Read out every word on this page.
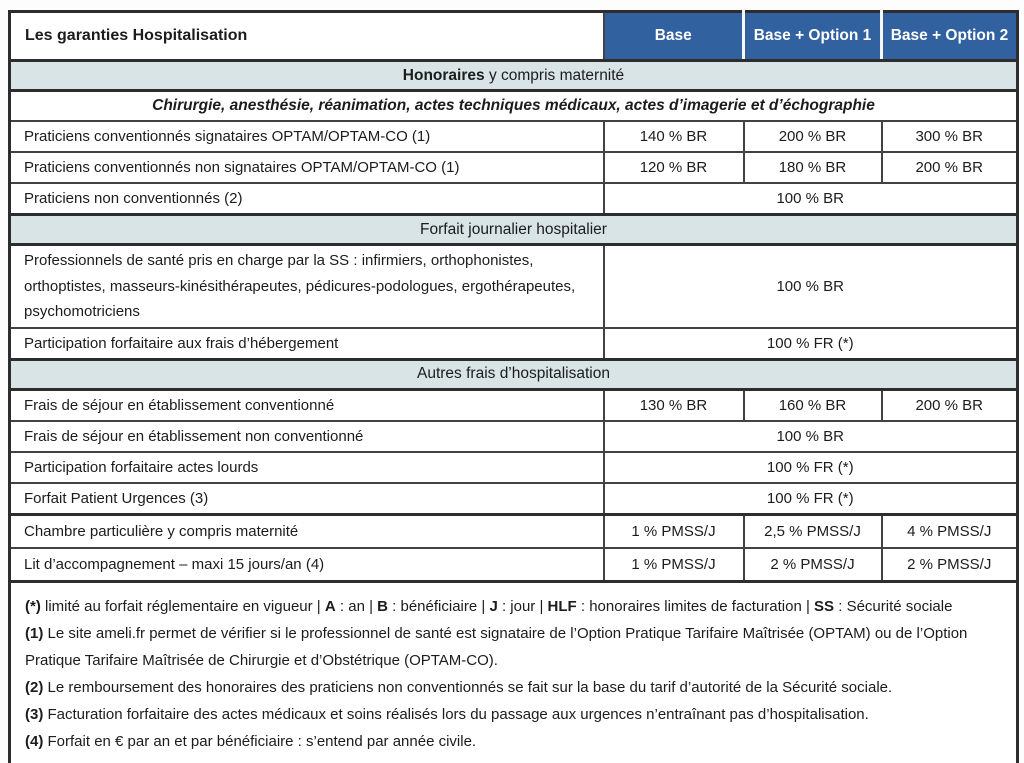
Les garanties Hospitalisation	Base	Base + Option 1	Base + Option 2
Honoraires y compris maternité			
Chirurgie, anesthésie, réanimation, actes techniques médicaux, actes d’imagerie et d’échographie			
Praticiens conventionnés signataires OPTAM/OPTAM-CO (1)	140 % BR	200 % BR	300 % BR
Praticiens conventionnés non signataires OPTAM/OPTAM-CO (1)	120 % BR	180 % BR	200 % BR
Praticiens non conventionnés (2)	100 % BR		
Forfait journalier hospitalier			

Professionnels de santé pris en charge par la SS : infirmiers, orthophonistes, orthoptistes, masseurs-kinésithérapeutes, pédicures-podologues, ergothérapeutes, psychomotriciens	100 % BR		
Participation forfaitaire aux frais d’hébergement	100 % FR (*)		
Autres frais d’hospitalisation			
Frais de séjour en établissement conventionné	130 % BR	160 % BR	200 % BR
Frais de séjour en établissement non conventionné	100 % BR		
Participation forfaitaire actes lourds	100 % FR (*)		
Forfait Patient Urgences (3)	100 % FR (*)		
Chambre particulière y compris maternité	1 % PMSS/J	2,5 % PMSS/J	4 % PMSS/J
Lit d’accompagnement – maxi 15 jours/an (4)	1 % PMSS/J	2 % PMSS/J	2 % PMSS/J

(*) limité au forfait réglementaire en vigueur | A : an | B : bénéficiaire | J : jour | HLF : honoraires limites de facturation | SS : Sécurité sociale

(1) Le site ameli.fr permet de vérifier si le professionnel de santé est signataire de l’Option Pratique Tarifaire Maîtrisée (OPTAM) ou de l’Option Pratique Tarifaire Maîtrisée de Chirurgie et d’Obstétrique (OPTAM-CO).

(2) Le remboursement des honoraires des praticiens non conventionnés se fait sur la base du tarif d’autorité de la Sécurité sociale.

(3) Facturation forfaitaire des actes médicaux et soins réalisés lors du passage aux urgences n’entraînant pas d’hospitalisation.

(4) Forfait en € par an et par bénéficiaire : s’entend par année civile.			
